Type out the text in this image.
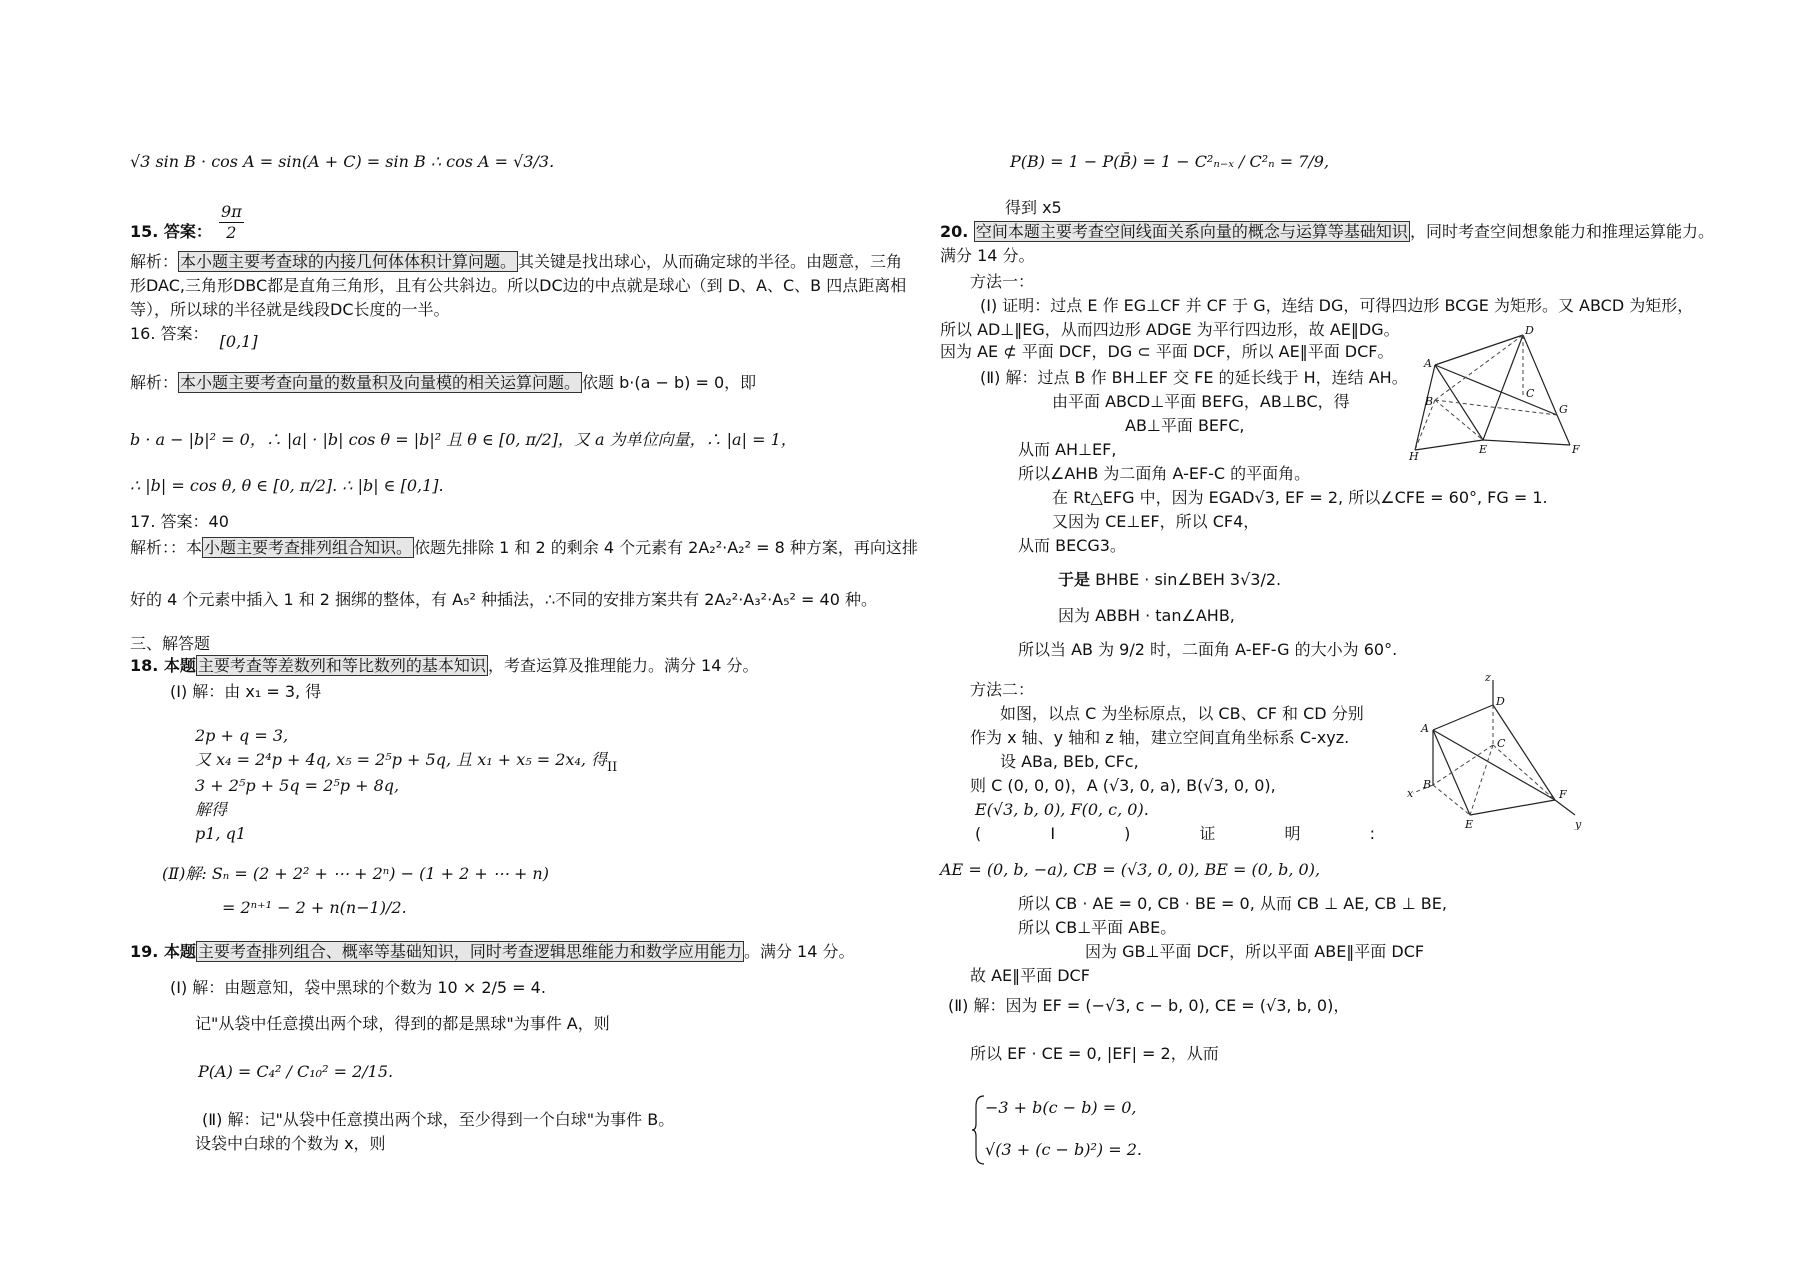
√3 sin B · cos A = sin(A + C) = sin B ∴ cos A = √3/3.
15. 答案： $\frac{9\pi}{2}$
解析： 本小题主要考查球的内接几何体体积计算问题。 其关键是找出球心，从而确定球的半径。由题意，三角
形DAC,三角形DBC都是直角三角形，且有公共斜边。所以DC边的中点就是球心（到 D、A、C、B 四点距离相
等），所以球的半径就是线段DC长度的一半。
16. 答案： [0,1]
解析： 本小题主要考查向量的数量积及向量模的相关运算问题。 依题 b·(a − b) = 0，即
b · a − |b|² = 0，∴ |a| · |b| cos θ = |b|² 且 θ ∈ [0, π/2]，又 a 为单位向量，∴ |a| = 1，
∴ |b| = cos θ, θ ∈ [0, π/2]. ∴ |b| ∈ [0,1].
17. 答案：40
解析：：本 小题主要考查排列组合知识。 依题先排除 1 和 2 的剩余 4 个元素有 2A₂²·A₂² = 8 种方案，再向这排
好的 4 个元素中插入 1 和 2 捆绑的整体，有 A₅² 种插法，∴不同的安排方案共有 2A₂²·A₃²·A₅² = 40 种。
三、解答题
18. 本题 主要考查等差数列和等比数列的基本知识 ，考查运算及推理能力。满分 14 分。
(Ⅰ) 解：由 x₁ = 3, 得
2p + q = 3,
又 x₄ = 2⁴p + 4q, x₅ = 2⁵p + 5q, 且 x₁ + x₅ = 2x₄, 得$_{II}$
3 + 2⁵p + 5q = 2⁵p + 8q,
解得
p1, q1
(Ⅱ)解: Sₙ = (2 + 2² + ⋯ + 2ⁿ) − (1 + 2 + ⋯ + n)
= 2ⁿ⁺¹ − 2 + n(n−1)/2.
19. 本题 主要考查排列组合、概率等基础知识，同时考查逻辑思维能力和数学应用能力 。满分 14 分。
(Ⅰ) 解：由题意知，袋中黑球的个数为 10 × 2/5 = 4.
记"从袋中任意摸出两个球，得到的都是黑球"为事件 A，则
P(A) = C₄² / C₁₀² = 2/15.
(Ⅱ) 解：记"从袋中任意摸出两个球，至少得到一个白球"为事件 B。
设袋中白球的个数为 x，则
P(B) = 1 − P(B̄) = 1 − C²ₙ₋ₓ / C²ₙ = 7/9,
得到 x5
20. 空间本题主要考查空间线面关系向量的概念与运算等基础知识 ，同时考查空间想象能力和推理运算能力。
满分 14 分。
方法一：
(Ⅰ) 证明：过点 E 作 EG⊥CF 并 CF 于 G，连结 DG，可得四边形 BCGE 为矩形。又 ABCD 为矩形，
所以 AD⊥‖EG，从而四边形 ADGE 为平行四边形，故 AE‖DG。
因为 AE ⊄ 平面 DCF，DG ⊂ 平面 DCF，所以 AE‖平面 DCF。
(Ⅱ) 解：过点 B 作 BH⊥EF 交 FE 的延长线于 H，连结 AH。
由平面 ABCD⊥平面 BEFG，AB⊥BC，得
AB⊥平面 BEFC,
从而 AH⊥EF,
所以∠AHB 为二面角 A-EF-C 的平面角。
在 Rt△EFG 中，因为 EGAD√3, EF = 2, 所以∠CFE = 60°, FG = 1.
又因为 CE⊥EF，所以 CF4，
从而 BECG3。
于是 BHBE · sin∠BEH 3√3/2.
因为 ABBH · tan∠AHB,
所以当 AB 为 9/2 时，二面角 A-EF-G 的大小为 60°.
方法二：
如图，以点 C 为坐标原点，以 CB、CF 和 CD 分别
作为 x 轴、y 轴和 z 轴，建立空间直角坐标系 C-xyz.
设 ABa, BEb, CFc,
则 C (0, 0, 0)，A (√3, 0, a), B(√3, 0, 0),
E(√3, b, 0), F(0, c, 0).
(	Ⅰ	)	证	明	:
AE = (0, b, −a), CB = (√3, 0, 0), BE = (0, b, 0),
所以 CB · AE = 0, CB · BE = 0, 从而 CB ⊥ AE, CB ⊥ BE,
所以 CB⊥平面 ABE。
因为 GB⊥平面 DCF，所以平面 ABE‖平面 DCF
故 AE‖平面 DCF
(Ⅱ) 解：因为 EF = (−√3, c − b, 0), CE = (√3, b, 0)，
所以 EF · CE = 0, |EF| = 2，从而
−3 + b(c − b) = 0,
√(3 + (c − b)²) = 2.
A
D
B
C
G
H
E	F
z
D
A
C
B
x	F
E	y
